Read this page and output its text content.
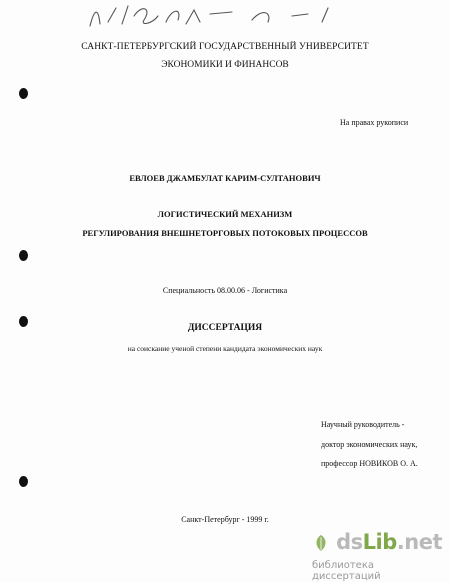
САНКТ-ПЕТЕРБУРГСКИЙ ГОСУДАРСТВЕННЫЙ УНИВЕРСИТЕТ
ЭКОНОМИКИ И ФИНАНСОВ
На правах рукописи
ЕВЛОЕВ ДЖАМБУЛАТ КАРИМ-СУЛТАНОВИЧ
ЛОГИСТИЧЕСКИЙ МЕХАНИЗМ
РЕГУЛИРОВАНИЯ ВНЕШНЕТОРГОВЫХ ПОТОКОВЫХ ПРОЦЕССОВ
Специальность 08.00.06 - Логистика
ДИССЕРТАЦИЯ
на соискание ученой степени кандидата экономических наук
Научный руководитель -
доктор экономических наук,
профессор НОВИКОВ О. А.
Санкт-Петербург - 1999 г.
dsLib.net
библиотека диссертаций
